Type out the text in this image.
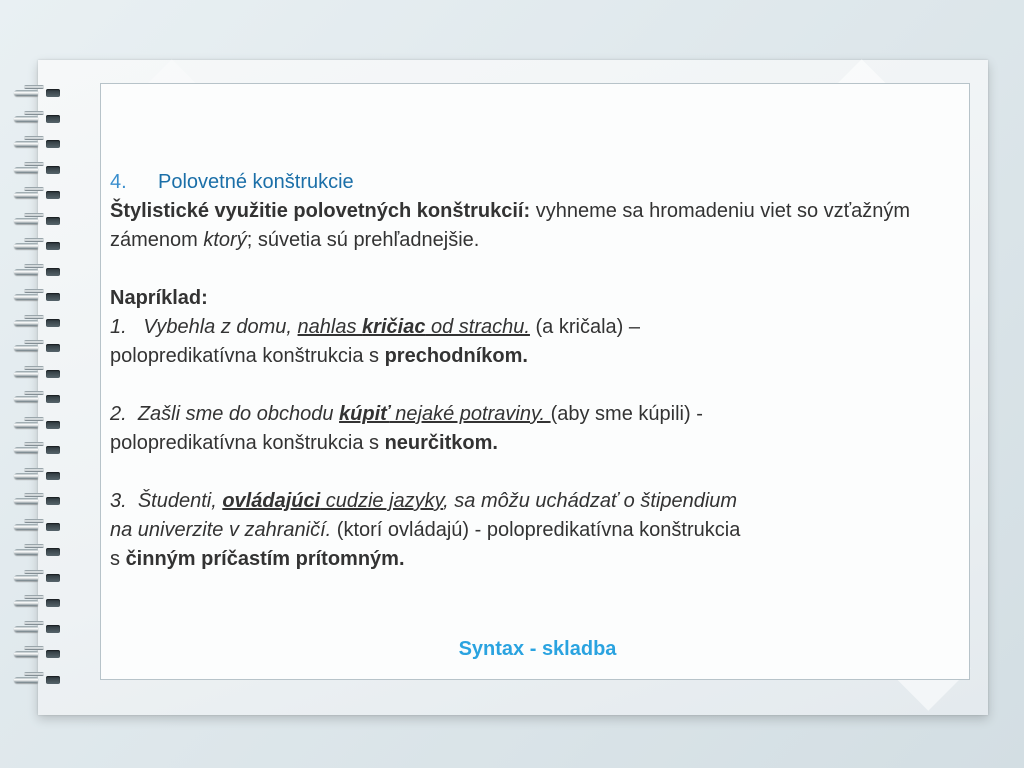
4. Polovetné konštrukcie

Štylistické využitie polovetných konštrukcií: vyhneme sa hromadeniu viet so vzťažným zámenom ktorý; súvetia sú prehľadnejšie.

Napríklad:

1. Vybehla z domu, nahlas kričiac od strachu. (a kričala) –
polopredikatívna konštrukcia s prechodníkom.

2. Zašli sme do obchodu kúpiť nejaké potraviny. (aby sme kúpili) -
polopredikatívna konštrukcia s neurčitkom.

3. Študenti, ovládajúci cudzie jazyky, sa môžu uchádzať o štipendium
na univerzite v zahraničí. (ktorí ovládajú) - polopredikatívna konštrukcia
s činným príčastím prítomným.

Syntax - skladba
